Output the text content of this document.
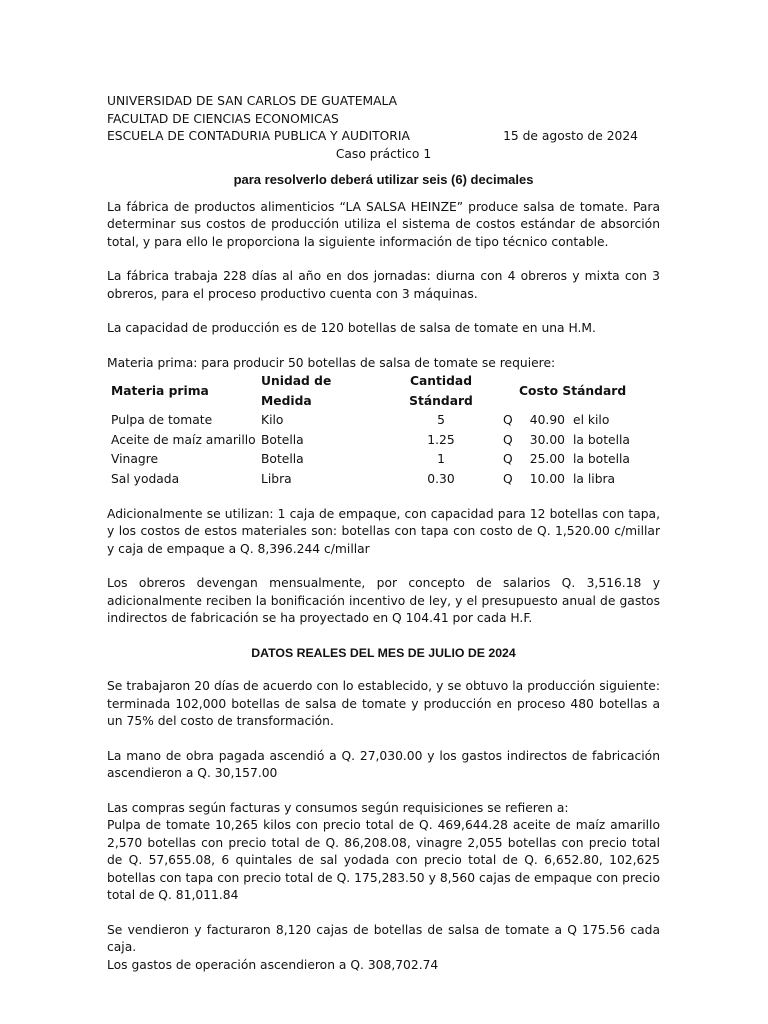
UNIVERSIDAD DE SAN CARLOS DE GUATEMALA
FACULTAD DE CIENCIAS ECONOMICAS
ESCUELA DE CONTADURIA PUBLICA Y AUDITORIA	15 de agosto de 2024
Caso práctico 1
para resolverlo deberá utilizar seis (6) decimales

La fábrica de productos alimenticios “LA SALSA HEINZE” produce salsa de tomate. Para determinar sus costos de producción utiliza el sistema de costos estándar de absorción total, y para ello le proporciona la siguiente información de tipo técnico contable.

La fábrica trabaja 228 días al año en dos jornadas: diurna con 4 obreros y mixta con 3 obreros, para el proceso productivo cuenta con 3 máquinas.

La capacidad de producción es de 120 botellas de salsa de tomate en una H.M.

Materia prima: para producir 50 botellas de salsa de tomate se requiere:

Materia prima	Unidad de Medida	Cantidad Stándard	Costo Stándard		
Pulpa de tomate	Kilo	5	Q	40.90	el kilo
Aceite de maíz amarillo	Botella	1.25	Q	30.00	la botella
Vinagre	Botella	1	Q	25.00	la botella
Sal yodada	Libra	0.30	Q	10.00	la libra

Adicionalmente se utilizan: 1 caja de empaque, con capacidad para 12 botellas con tapa, y los costos de estos materiales son: botellas con tapa con costo de Q. 1,520.00 c/millar y caja de empaque a Q. 8,396.244 c/millar

Los obreros devengan mensualmente, por concepto de salarios Q. 3,516.18 y adicionalmente reciben la bonificación incentivo de ley, y el presupuesto anual de gastos indirectos de fabricación se ha proyectado en Q 104.41 por cada H.F.

DATOS REALES DEL MES DE JULIO DE 2024

Se trabajaron 20 días de acuerdo con lo establecido, y se obtuvo la producción siguiente: terminada 102,000 botellas de salsa de tomate y producción en proceso 480 botellas a un 75% del costo de transformación.

La mano de obra pagada ascendió a Q. 27,030.00 y los gastos indirectos de fabricación ascendieron a Q. 30,157.00

Las compras según facturas y consumos según requisiciones se refieren a:

Pulpa de tomate 10,265 kilos con precio total de Q. 469,644.28 aceite de maíz amarillo 2,570 botellas con precio total de Q. 86,208.08, vinagre 2,055 botellas con precio total de Q. 57,655.08, 6 quintales de sal yodada con precio total de Q. 6,652.80, 102,625 botellas con tapa con precio total de Q. 175,283.50 y 8,560 cajas de empaque con precio total de Q. 81,011.84

Se vendieron y facturaron 8,120 cajas de botellas de salsa de tomate a Q 175.56 cada caja.

Los gastos de operación ascendieron a Q. 308,702.74
